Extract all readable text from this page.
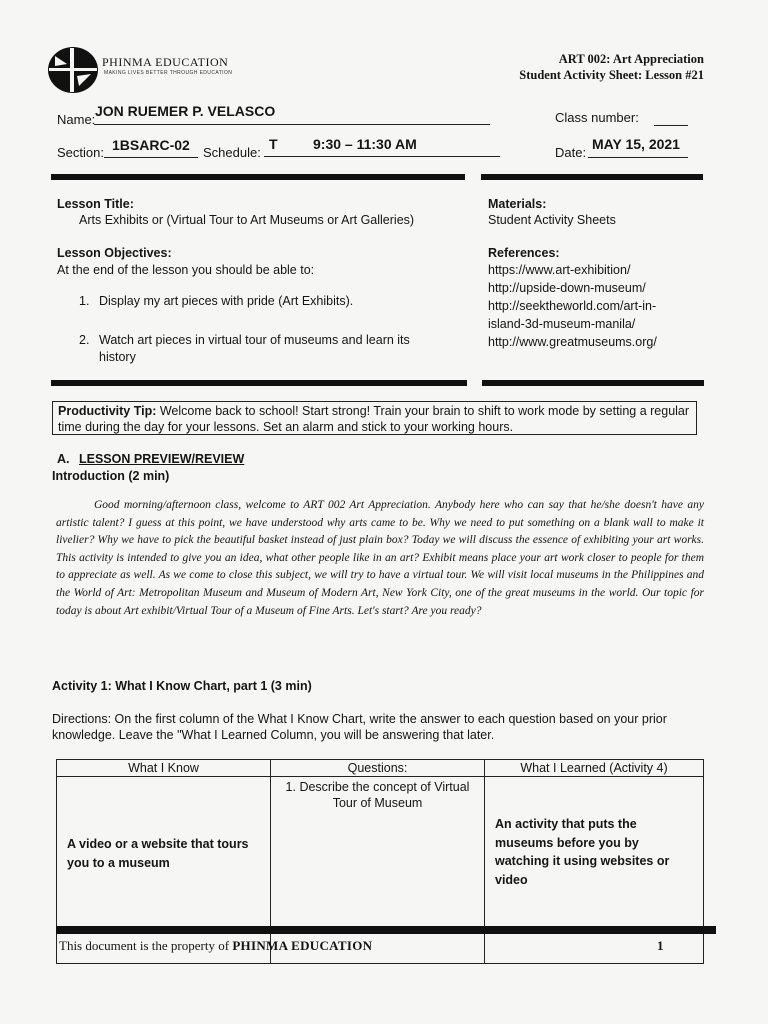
PHINMA EDUCATION
MAKING LIVES BETTER THROUGH EDUCATION
ART 002: Art Appreciation
Student Activity Sheet: Lesson #21
Name:
JON RUEMER P. VELASCO	Class number:
Section: 1BSARC-02 Schedule:
T	9:30 – 11:30 AM
Date:
MAY 15, 2021
Lesson Title:
Arts Exhibits or (Virtual Tour to Art Museums or Art Galleries)
Lesson Objectives:
At the end of the lesson you should be able to:
1. Display my art pieces with pride (Art Exhibits).
2. Watch art pieces in virtual tour of museums and learn its history
Materials:
Student Activity Sheets
References:
https://www.art-exhibition/
http://upside-down-museum/
http://seektheworld.com/art-in-
island-3d-museum-manila/
http://www.greatmuseums.org/
Productivity Tip: Welcome back to school! Start strong! Train your brain to shift to work mode by setting a regular time during the day for your lessons. Set an alarm and stick to your working hours.
A. LESSON PREVIEW/REVIEW
Introduction (2 min)
Good morning/afternoon class, welcome to ART 002 Art Appreciation. Anybody here who can say that he/she doesn't have any artistic talent? I guess at this point, we have understood why arts came to be. Why we need to put something on a blank wall to make it livelier? Why we have to pick the beautiful basket instead of just plain box? Today we will discuss the essence of exhibiting your art works. This activity is intended to give you an idea, what other people like in an art? Exhibit means place your art work closer to people for them to appreciate as well. As we come to close this subject, we will try to have a virtual tour. We will visit local museums in the Philippines and the World of Art: Metropolitan Museum and Museum of Modern Art, New York City, one of the great museums in the world. Our topic for today is about Art exhibit/Virtual Tour of a Museum of Fine Arts. Let's start? Are you ready?
Activity 1: What I Know Chart, part 1 (3 min)
Directions: On the first column of the What I Know Chart, write the answer to each question based on your prior knowledge. Leave the "What I Learned Column, you will be answering that later.
What I Know	Questions:	What I Learned (Activity 4)
A video or a website that tours you to a museum	1. Describe the concept of Virtual Tour of Museum	An activity that puts the museums before you by watching it using websites or video
This document is the property of PHINMA EDUCATION	1
